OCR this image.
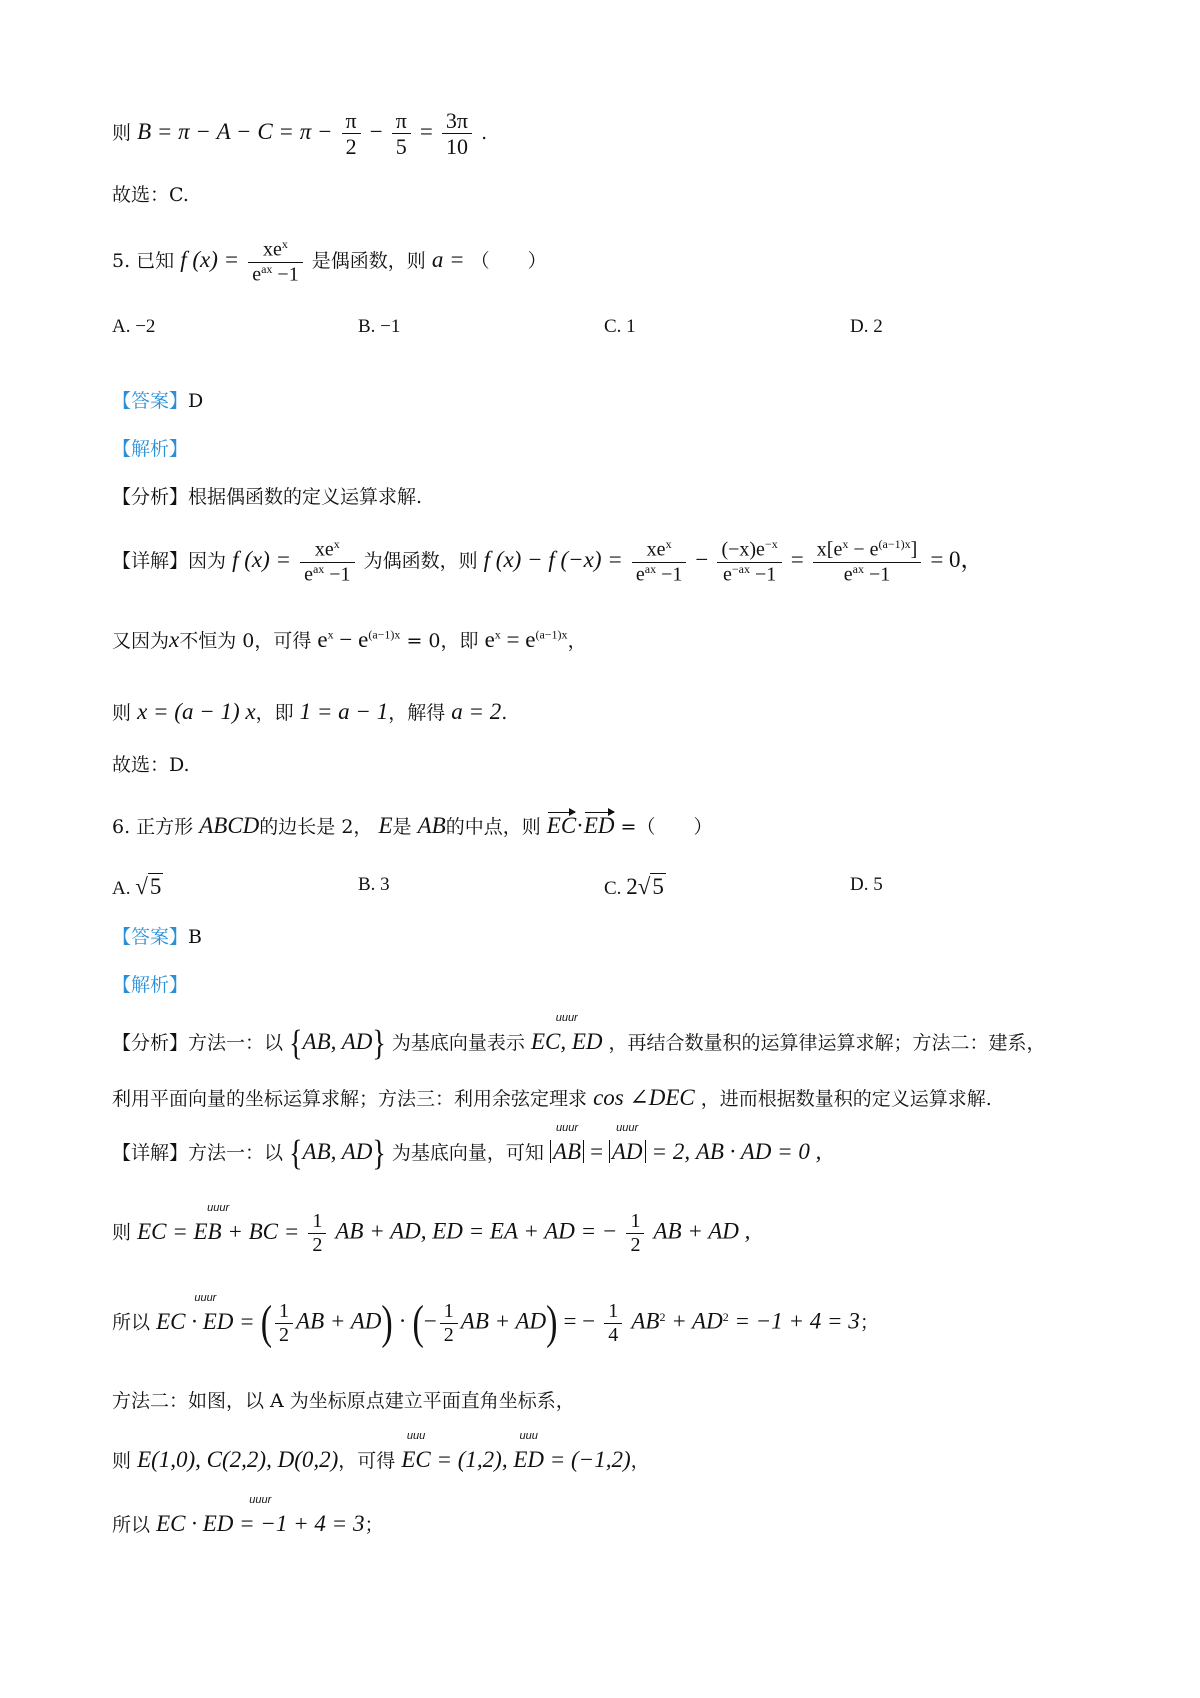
则 $B = \pi - A - C = \pi - \frac{\pi}{2} - \frac{\pi}{5} = \frac{3\pi}{10}$ .
故选：C.
5. 已知 f $(x) = \frac{xe^x}{e^{ax} -1}$ 是偶函数，则 a = （　　）
A. −2	B. −1	C. 1	D. 2
【答案】D
【解析】
【分析】根据偶函数的定义运算求解.
【详解】因为 f $(x) = \frac{xe^x}{e^{ax} -1}$ 为偶函数，则 f (x) − f $(-x) = \frac{xe^x}{e^{ax} -1} - \frac{(-x)e^{-x}}{e^{-ax} -1} = \frac{x[e^x - e^{(a-1)x}]}{e^{ax} -1} = 0$，
又因为x不恒为 0，可得 $e^x - e^{(a-1)x} = 0$，即 $e^x = e^{(a-1)x}$，
则 x = (a − 1) x，即 1 = a − 1，解得 a = 2.
故选：D.
6. 正方形 ABCD的边长是 2， E是 AB的中点，则 EC·ED =（　　）
A. √5	B. 3	C. 2√5	D. 5
【答案】B
【解析】
【分析】方法一：以 {AB, AD} 为基底向量表示
uuur
EC, ED ，再结合数量积的运算律运算求解；方法二：建系，
利用平面向量的坐标运算求解；方法三：利用余弦定理求 cos ∠DEC ，进而根据数量积的定义运算求解.
【详解】方法一：以 {AB, AD} 为基底向量，可知
uuur
AB =
uuur
AD = 2, AB · AD = 0 ,
则
uuur
EC = EB + BC = $\frac{1}{2}$ AB + AD, ED = EA + AD = − $\frac{1}{2}$ AB + AD ,
所以
uuur
EC · ED = ( $\frac{1}{2}$ AB + AD) · (− $\frac{1}{2}$ AB + AD) = − $\frac{1}{4} AB^2 + AD^2 = -1 + 4 = 3$；
方法二：如图，以 A 为坐标原点建立平面直角坐标系，
则 E(1,0), C(2,2), D(0,2)，可得
uuu
EC = (1,2),
uuu
ED = (−1,2)，
所以
uuur
EC · ED = −1 + 4 = 3；
